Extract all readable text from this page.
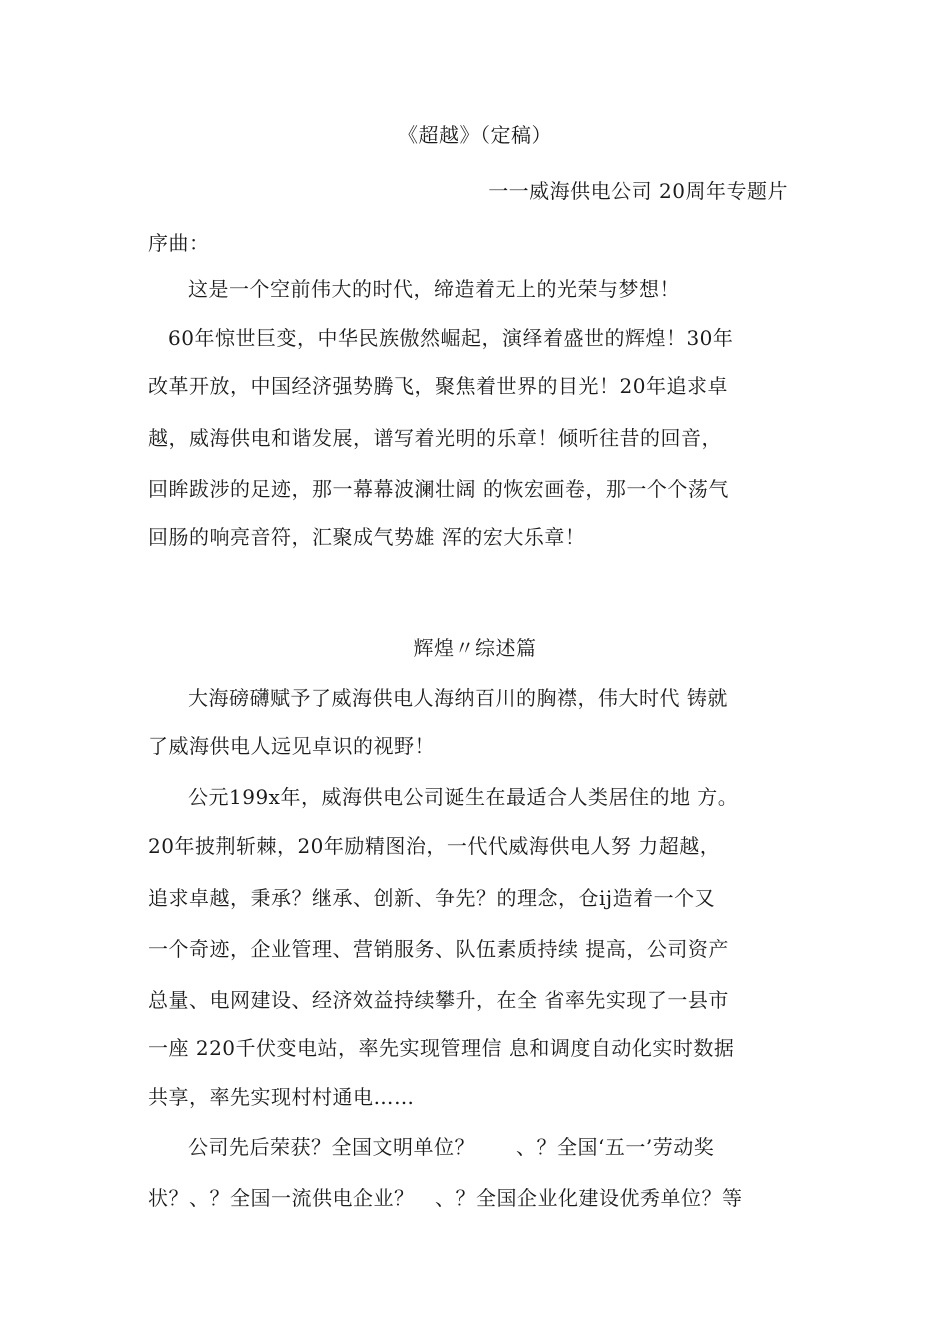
《超越》（定稿）
一一威海供电公司 20周年专题片
序曲：
这是一个空前伟大的时代，缔造着无上的光荣与梦想！
60年惊世巨变，中华民族傲然崛起，演绎着盛世的辉煌！30年
改革开放，中国经济强势腾飞，聚焦着世界的目光！20年追求卓
越，威海供电和谐发展，谱写着光明的乐章！倾听往昔的回音，
回眸跋涉的足迹，那一幕幕波澜壮阔 的恢宏画卷，那一个个荡气
回肠的响亮音符，汇聚成气势雄 浑的宏大乐章！
辉煌〃综述篇
大海磅礴赋予了威海供电人海纳百川的胸襟，伟大时代 铸就
了威海供电人远见卓识的视野！
公元199x年，威海供电公司诞生在最适合人类居住的地 方。
20年披荆斩棘，20年励精图治，一代代威海供电人努 力超越，
追求卓越，秉承？继承、创新、争先？的理念，仓ij造着一个又
一个奇迹，企业管理、营销服务、队伍素质持续 提高，公司资产
总量、电网建设、经济效益持续攀升，在全 省率先实现了一县市
一座 220千伏变电站，率先实现管理信 息和调度自动化实时数据
共享，率先实现村村通电……
公司先后荣获？全国文明单位？　　、？全国‘五一’劳动奖
状？、？全国一流供电企业？　、？全国企业化建设优秀单位？等
